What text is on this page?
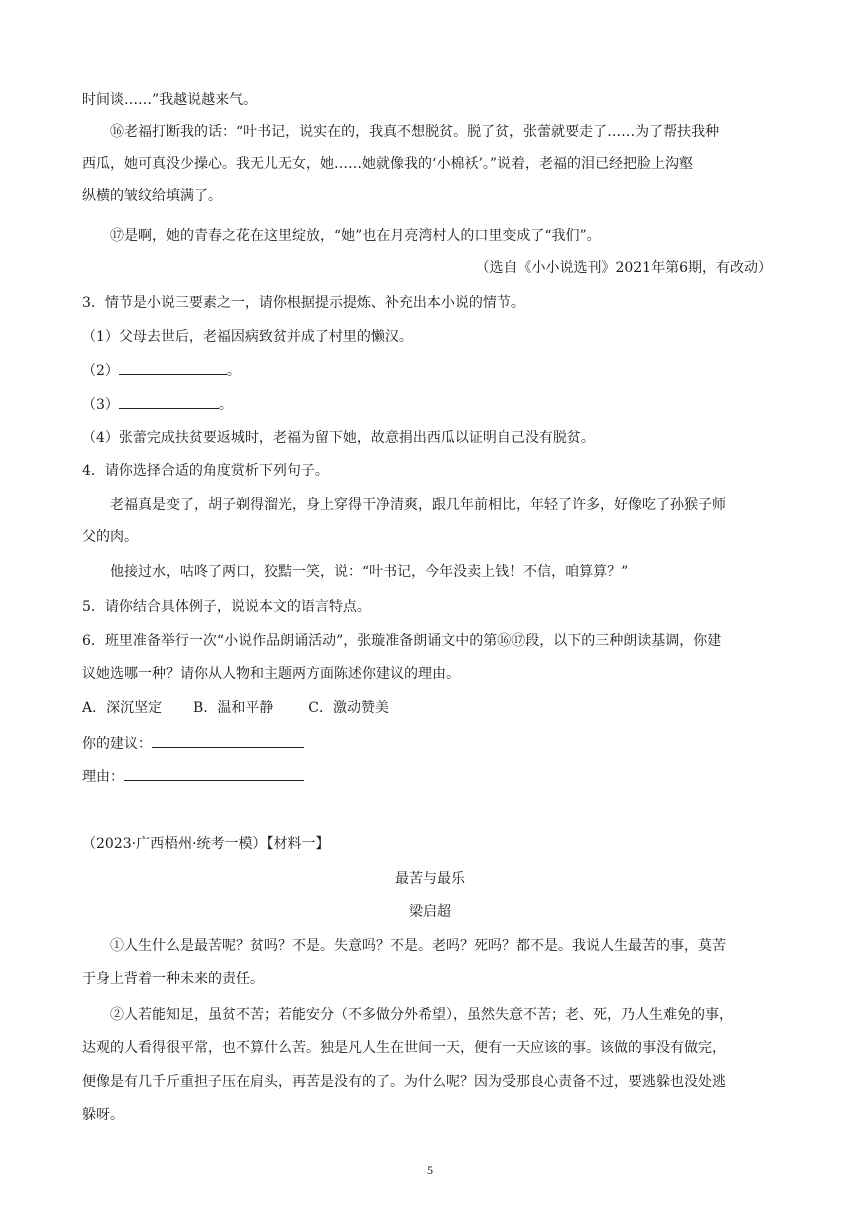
时间谈……”我越说越来气。
⑯老福打断我的话：“叶书记，说实在的，我真不想脱贫。脱了贫，张蕾就要走了……为了帮扶我种
西瓜，她可真没少操心。我无儿无女，她……她就像我的‘小棉袄’。”说着，老福的泪已经把脸上沟壑
纵横的皱纹给填满了。
⑰是啊，她的青春之花在这里绽放，“她”也在月亮湾村人的口里变成了“我们”。
（选自《小小说选刊》2021年第6期，有改动）
3．情节是小说三要素之一，请你根据提示提炼、补充出本小说的情节。
（1）父母去世后，老福因病致贫并成了村里的懒汉。
（2）	。
（3）	。
（4）张蕾完成扶贫要返城时，老福为留下她，故意捐出西瓜以证明自己没有脱贫。
4．请你选择合适的角度赏析下列句子。
老福真是变了，胡子剃得溜光，身上穿得干净清爽，跟几年前相比，年轻了许多，好像吃了孙猴子师
父的肉。
他接过水，咕咚了两口，狡黠一笑，说：“叶书记，今年没卖上钱！不信，咱算算？”
5．请你结合具体例子，说说本文的语言特点。
6．班里准备举行一次“小说作品朗诵活动”，张璇准备朗诵文中的第⑯⑰段，以下的三种朗读基调，你建
议她选哪一种？请你从人物和主题两方面陈述你建议的理由。
A．深沉坚定 B．温和平静 C．激动赞美
你的建议：
理由：
（2023·广西梧州·统考一模）【材料一】
最苦与最乐
梁启超
①人生什么是最苦呢？贫吗？不是。失意吗？不是。老吗？死吗？都不是。我说人生最苦的事，莫苦
于身上背着一种未来的责任。
②人若能知足，虽贫不苦；若能安分（不多做分外希望），虽然失意不苦；老、死，乃人生难免的事，
达观的人看得很平常，也不算什么苦。独是凡人生在世间一天，便有一天应该的事。该做的事没有做完，
便像是有几千斤重担子压在肩头，再苦是没有的了。为什么呢？因为受那良心责备不过，要逃躲也没处逃
躲呀。
5
